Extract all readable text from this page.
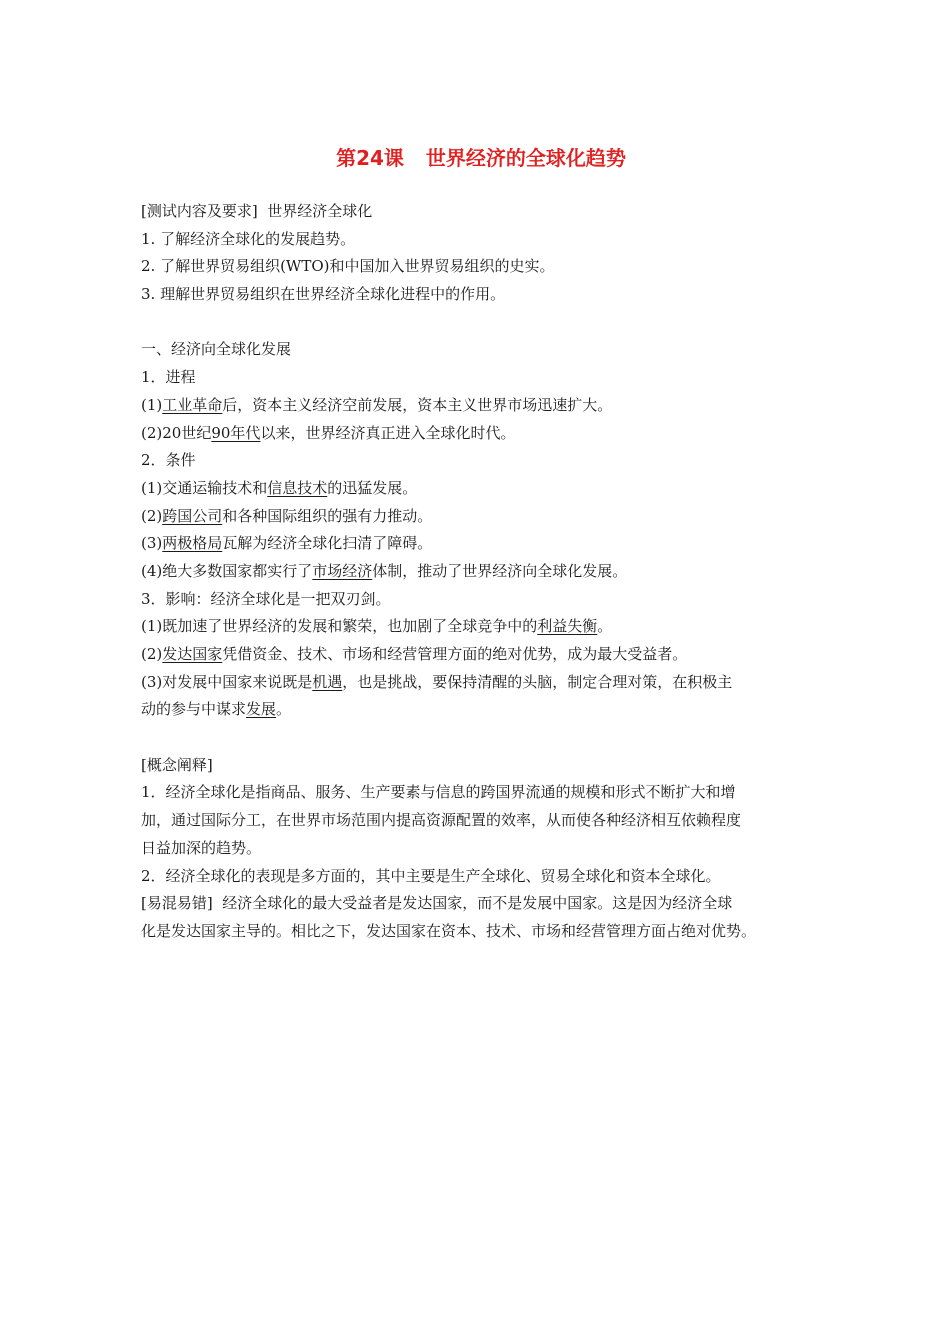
第24课 世界经济的全球化趋势
[测试内容及要求] 世界经济全球化
1. 了解经济全球化的发展趋势。
2. 了解世界贸易组织(WTO)和中国加入世界贸易组织的史实。
3. 理解世界贸易组织在世界经济全球化进程中的作用。
一、经济向全球化发展
1．进程
(1)工业革命后，资本主义经济空前发展，资本主义世界市场迅速扩大。
(2)20世纪90年代以来，世界经济真正进入全球化时代。
2．条件
(1)交通运输技术和信息技术的迅猛发展。
(2)跨国公司和各种国际组织的强有力推动。
(3)两极格局瓦解为经济全球化扫清了障碍。
(4)绝大多数国家都实行了市场经济体制，推动了世界经济向全球化发展。
3．影响：经济全球化是一把双刃剑。
(1)既加速了世界经济的发展和繁荣，也加剧了全球竞争中的利益失衡。
(2)发达国家凭借资金、技术、市场和经营管理方面的绝对优势，成为最大受益者。
(3)对发展中国家来说既是机遇，也是挑战，要保持清醒的头脑，制定合理对策，在积极主
动的参与中谋求发展。
[概念阐释]
1．经济全球化是指商品、服务、生产要素与信息的跨国界流通的规模和形式不断扩大和增
加，通过国际分工，在世界市场范围内提高资源配置的效率，从而使各种经济相互依赖程度
日益加深的趋势。
2．经济全球化的表现是多方面的，其中主要是生产全球化、贸易全球化和资本全球化。
[易混易错] 经济全球化的最大受益者是发达国家，而不是发展中国家。这是因为经济全球
化是发达国家主导的。相比之下，发达国家在资本、技术、市场和经营管理方面占绝对优势。
